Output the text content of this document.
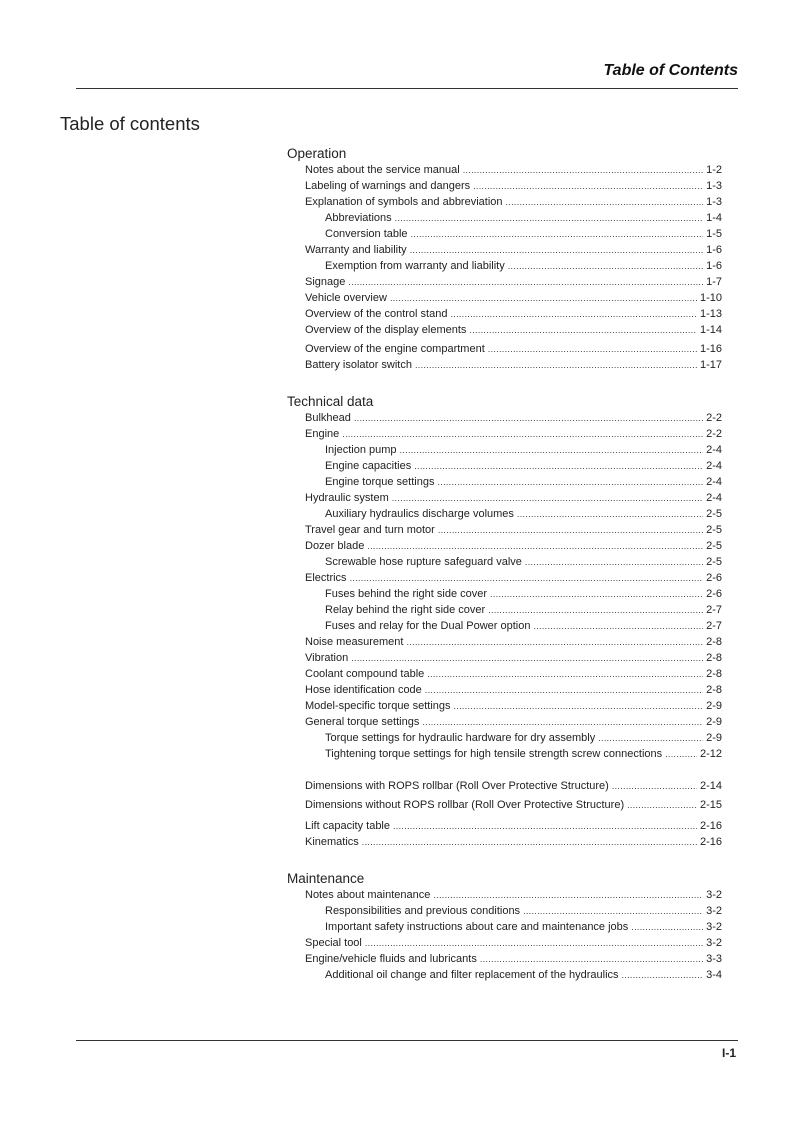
Table of Contents
Table of contents
Operation
Notes about the service manual .....	1-2
Labeling of warnings and dangers .....	1-3
Explanation of symbols and abbreviation .....	1-3
Abbreviations .....	1-4
Conversion table .....	1-5
Warranty and liability .....	1-6
Exemption from warranty and liability .....	1-6
Signage .....	1-7
Vehicle overview .....	1-10
Overview of the control stand .....	1-13
Overview of the display elements .....	1-14
Overview of the engine compartment .....	1-16
Battery isolator switch .....	1-17
Technical data
Bulkhead .....	2-2
Engine .....	2-2
Injection pump .....	2-4
Engine capacities .....	2-4
Engine torque settings .....	2-4
Hydraulic system .....	2-4
Auxiliary hydraulics discharge volumes .....	2-5
Travel gear and turn motor .....	2-5
Dozer blade .....	2-5
Screwable hose rupture safeguard valve .....	2-5
Electrics .....	2-6
Fuses behind the right side cover .....	2-6
Relay behind the right side cover .....	2-7
Fuses and relay for the Dual Power option .....	2-7
Noise measurement .....	2-8
Vibration .....	2-8
Coolant compound table .....	2-8
Hose identification code .....	2-8
Model-specific torque settings .....	2-9
General torque settings .....	2-9
Torque settings for hydraulic hardware for dry assembly .....	2-9
Tightening torque settings for high tensile strength screw connections .....	2-12
Dimensions with ROPS rollbar (Roll Over Protective Structure) .....	2-14
Dimensions without ROPS rollbar (Roll Over Protective Structure) .....	2-15
Lift capacity table .....	2-16
Kinematics .....	2-16
Maintenance
Notes about maintenance .....	3-2
Responsibilities and previous conditions .....	3-2
Important safety instructions about care and maintenance jobs .....	3-2
Special tool .....	3-2
Engine/vehicle fluids and lubricants .....	3-3
Additional oil change and filter replacement of the hydraulics .....	3-4
I-1
